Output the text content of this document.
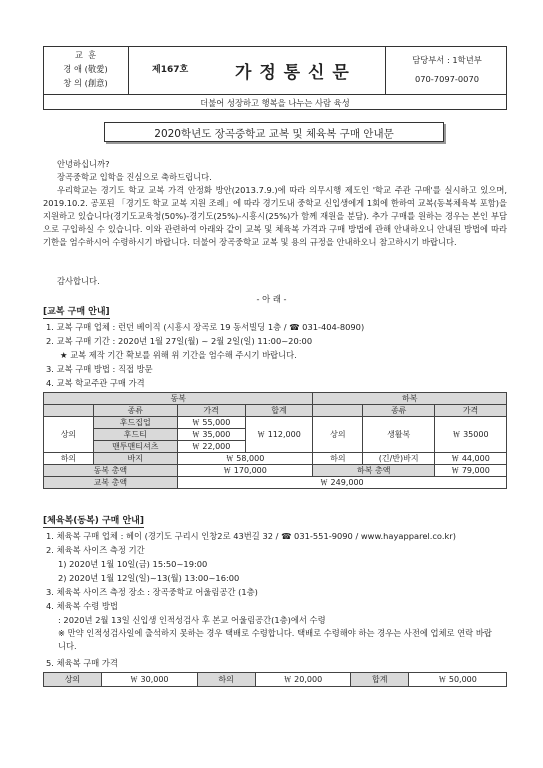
교 훈
경 애 (敬愛)
창 의 (創意)
제167호	가 정 통 신 문
담당부서 : 1학년부
070-7097-0070
더불어 성장하고 행복을 나누는 사람 육성
2020학년도 장곡중학교 교복 및 체육복 구매 안내문
안녕하십니까?
장곡중학교 입학을 진심으로 축하드립니다.
우리학교는 경기도 학교 교복 가격 안정화 방안(2013.7.9.)에 따라 의무시행 제도인 '학교 주관 구매'를 실시하고 있으며, 2019.10.2. 공포된 「경기도 학교 교복 지원 조례」에 따라 경기도내 중학교 신입생에게 1회에 한하여 교복(동복체육복 포함)을 지원하고 있습니다(경기도교육청(50%)-경기도(25%)-시흥시(25%)가 함께 재원을 분담). 추가 구매를 원하는 경우는 본인 부담으로 구입하실 수 있습니다. 이와 관련하여 아래와 같이 교복 및 체육복 가격과 구매 방법에 관해 안내하오니 안내된 방법에 따라 기한을 엄수하시어 수령하시기 바랍니다. 더불어 장곡중학교 교복 및 용의 규정을 안내하오니 참고하시기 바랍니다.
감사합니다.
- 아 래 -
[교복 구매 안내]
1. 교복 구매 업체 : 런던 베이직 (시흥시 장곡로 19 동서빌딩 1층 / ☎ 031-404-8090)
2. 교복 구매 기간 : 2020년 1월 27일(월) ~ 2월 2일(일) 11:00~20:00
★ 교복 제작 기간 확보를 위해 위 기간을 엄수해 주시기 바랍니다.
3. 교복 구매 방법 : 직접 방문
4. 교복 학교주관 구매 가격
동복				하복		
	종류	가격	합계		종류	가격
상의	후드집업	￦ 55,000	￦ 112,000	상의	생활복	￦ 35000
	후드티	￦ 35,000				
	맨투맨티셔츠	￦ 22,000				
하의	바지	￦ 58,000		하의	(긴/반)바지	￦ 44,000
동복 총액		￦ 170,000		하복 총액		￦ 79,000
교복 총액		￦ 249,000				
[체육복(동복) 구매 안내]
1. 체육복 구매 업체 : 헤이 (경기도 구리시 인창2로 43번길 32 / ☎ 031-551-9090 / www.hayapparel.co.kr)
2. 체육복 사이즈 측정 기간
1) 2020년 1월 10일(금) 15:50~19:00
2) 2020년 1월 12일(일)~13(월) 13:00~16:00
3. 체육복 사이즈 측정 장소 : 장곡중학교 어울림공간 (1층)
4. 체육복 수령 방법
: 2020년 2월 13일 신입생 인적성검사 후 본교 어울림공간(1층)에서 수령
※ 만약 인적성검사일에 출석하지 못하는 경우 택배로 수령합니다. 택배로 수령해야 하는 경우는 사전에 업체로 연락 바랍니다.
5. 체육복 구매 가격
상의	￦ 30,000	하의	￦ 20,000	합계	￦ 50,000
